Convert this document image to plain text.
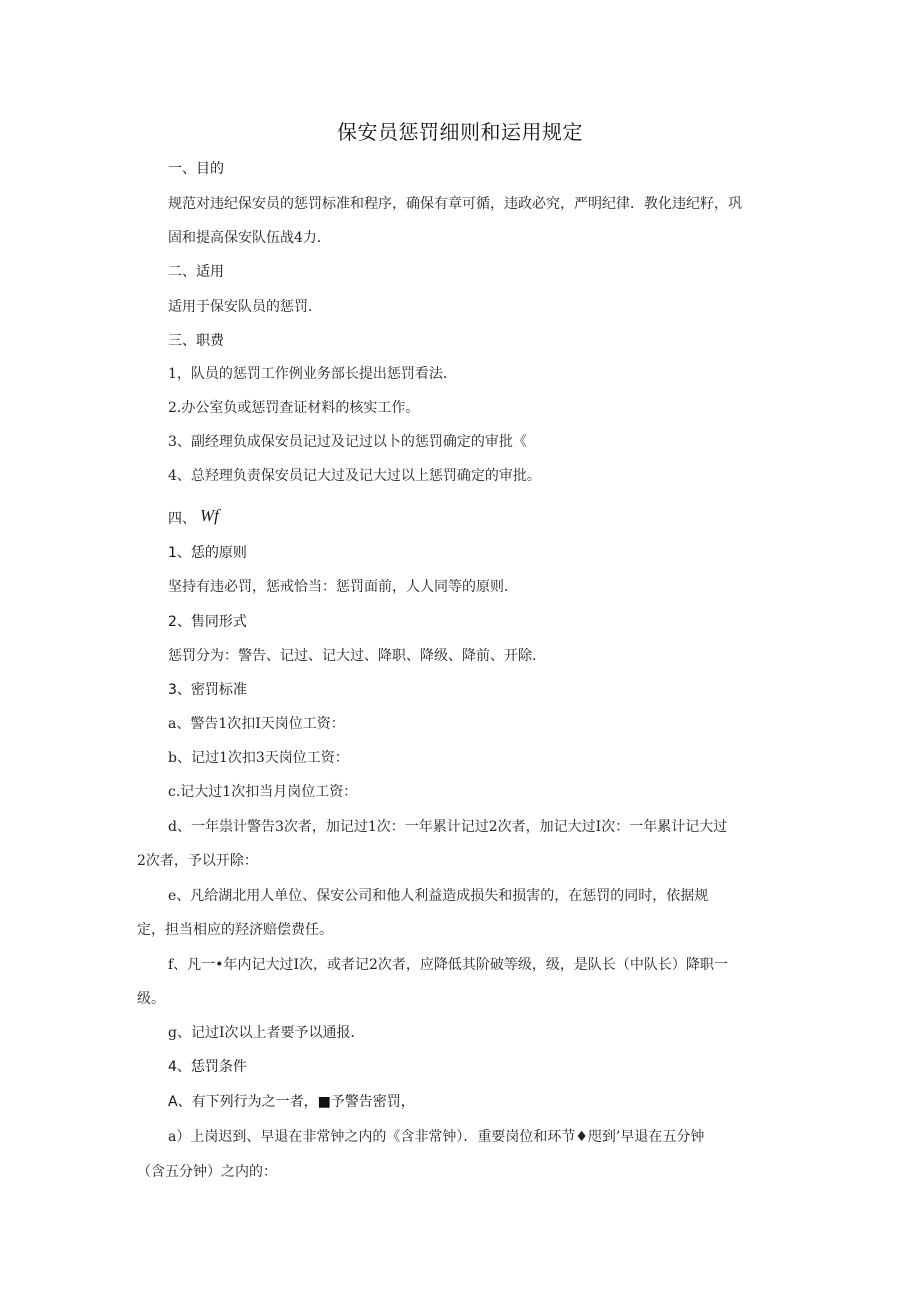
保安员惩罚细则和运用规定
一、目的
规范对违纪保安员的惩罚标准和程序，确保有章可循，违政必究，严明纪律．教化违纪籽，巩
固和提高保安队伍战4力．
二、适用
适用于保安队员的惩罚．
三、职费
1，队员的惩罚工作例业务部长提出惩罚看法．
2.办公室负或惩罚查证材料的核实工作。
3、副经理负成保安员记过及记过以卜的惩罚确定的审批《
4、总羟理负责保安员记大过及记大过以上惩罚确定的审批。
四、 Wf
1、恁的原则
坚持有违必罚，惩戒恰当：惩罚面前，人人同等的原则．
2、售同形式
惩罚分为：警告、记过、记大过、降职、降级、降前、开除．
3、密罚标准
a、警告1次扣I天岗位工资：
b、记过1次扣3天岗位工资：
c.记大过1次扣当月岗位工资：
d、一年祟计警告3次者，加记过1次：一年累计记过2次者，加记大过I次：一年累计记大过
2次者，予以开除：
e、凡给湖北用人单位、保安公司和他人利益造成损失和损害的，在惩罚的同时，依据规
定，担当相应的羟济赔偿费任。
f、凡一•年内记大过I次，或者记2次者，应降低其阶破等级，级，是队长（中队长）降职一
级。
g、记过I次以上者要予以通报．
4、恁罚条件
A、有下列行为之一者，■予警告密罚，
a）上岗迟到、早退在非常钟之内的《含非常钟）．重要岗位和环节♦咫到’早退在五分钟
（含五分钟）之内的：
